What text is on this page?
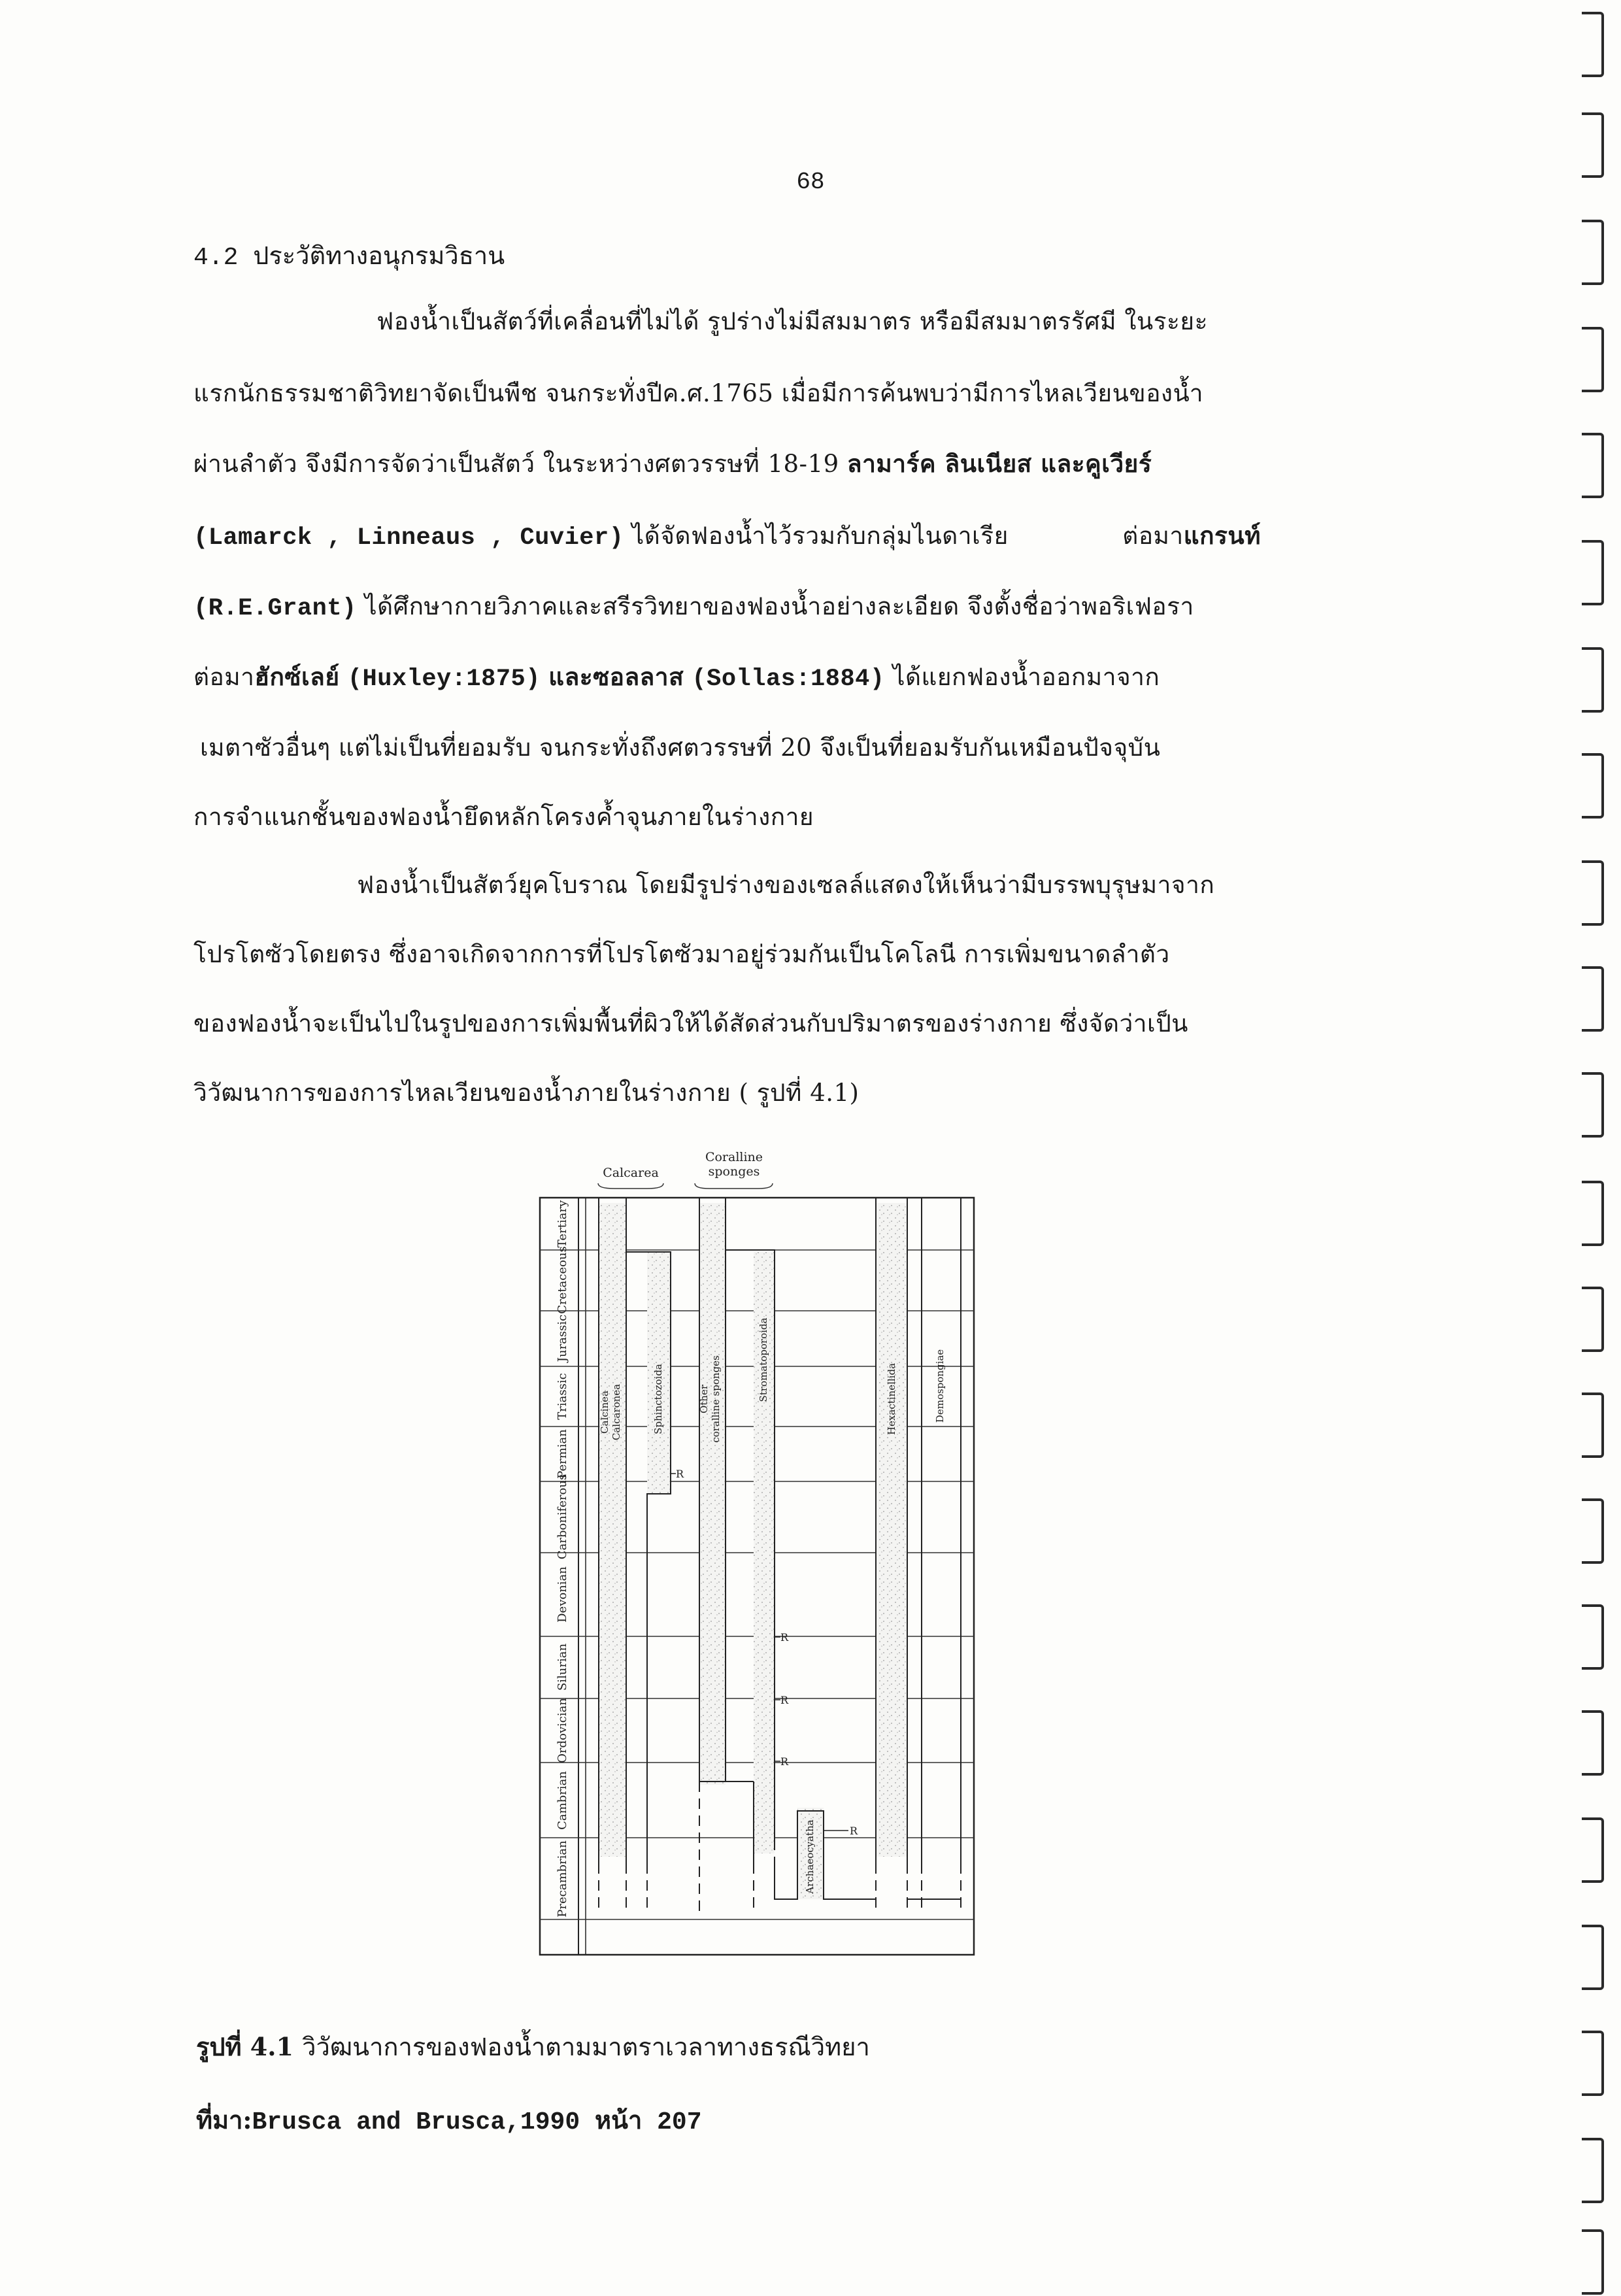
68
4.2 ประวัติทางอนุกรมวิธาน
ฟองน้ำเป็นสัตว์ที่เคลื่อนที่ไม่ได้ รูปร่างไม่มีสมมาตร หรือมีสมมาตรรัศมี ในระยะ
แรกนักธรรมชาติวิทยาจัดเป็นพืช จนกระทั่งปีค.ศ.1765 เมื่อมีการค้นพบว่ามีการไหลเวียนของน้ำ
ผ่านลำตัว จึงมีการจัดว่าเป็นสัตว์ ในระหว่างศตวรรษที่ 18-19 ลามาร์ค ลินเนียส และคูเวียร์
(Lamarck , Linneaus , Cuvier) ได้จัดฟองน้ำไว้รวมกับกลุ่มไนดาเรีย	ต่อมาแกรนท์
(R.E.Grant) ได้ศึกษากายวิภาคและสรีรวิทยาของฟองน้ำอย่างละเอียด จึงตั้งชื่อว่าพอริเฟอรา
ต่อมาฮักซ์เลย์ (Huxley:1875) และซอลลาส (Sollas:1884) ได้แยกฟองน้ำออกมาจาก
เมตาซัวอื่นๆ แต่ไม่เป็นที่ยอมรับ จนกระทั่งถึงศตวรรษที่ 20 จึงเป็นที่ยอมรับกันเหมือนปัจจุบัน
การจำแนกชั้นของฟองน้ำยึดหลักโครงค้ำจุนภายในร่างกาย
ฟองน้ำเป็นสัตว์ยุคโบราณ โดยมีรูปร่างของเซลล์แสดงให้เห็นว่ามีบรรพบุรุษมาจาก
โปรโตซัวโดยตรง ซึ่งอาจเกิดจากการที่โปรโตซัวมาอยู่ร่วมกันเป็นโคโลนี การเพิ่มขนาดลำตัว
ของฟองน้ำจะเป็นไปในรูปของการเพิ่มพื้นที่ผิวให้ได้สัดส่วนกับปริมาตรของร่างกาย ซึ่งจัดว่าเป็น
วิวัฒนาการของการไหลเวียนของน้ำภายในร่างกาย ( รูปที่ 4.1)
Calcarea
Coralline
sponges
Tertiary
Cretaceous
Jurassic
Triassic
Permian
Carboniferous
Devonian
Silurian
Ordovician
Cambrian
Precambrian
Calcinea Calcaronea	Sphinctozoida	Other coralline sponges	Stromatoporoida	Hexactinellida	Demospongiae
Archaeocyatha
R
R
R
R
R
รูปที่ 4.1 วิวัฒนาการของฟองน้ำตามมาตราเวลาทางธรณีวิทยา
ที่มา:Brusca and Brusca,1990 หน้า 207
